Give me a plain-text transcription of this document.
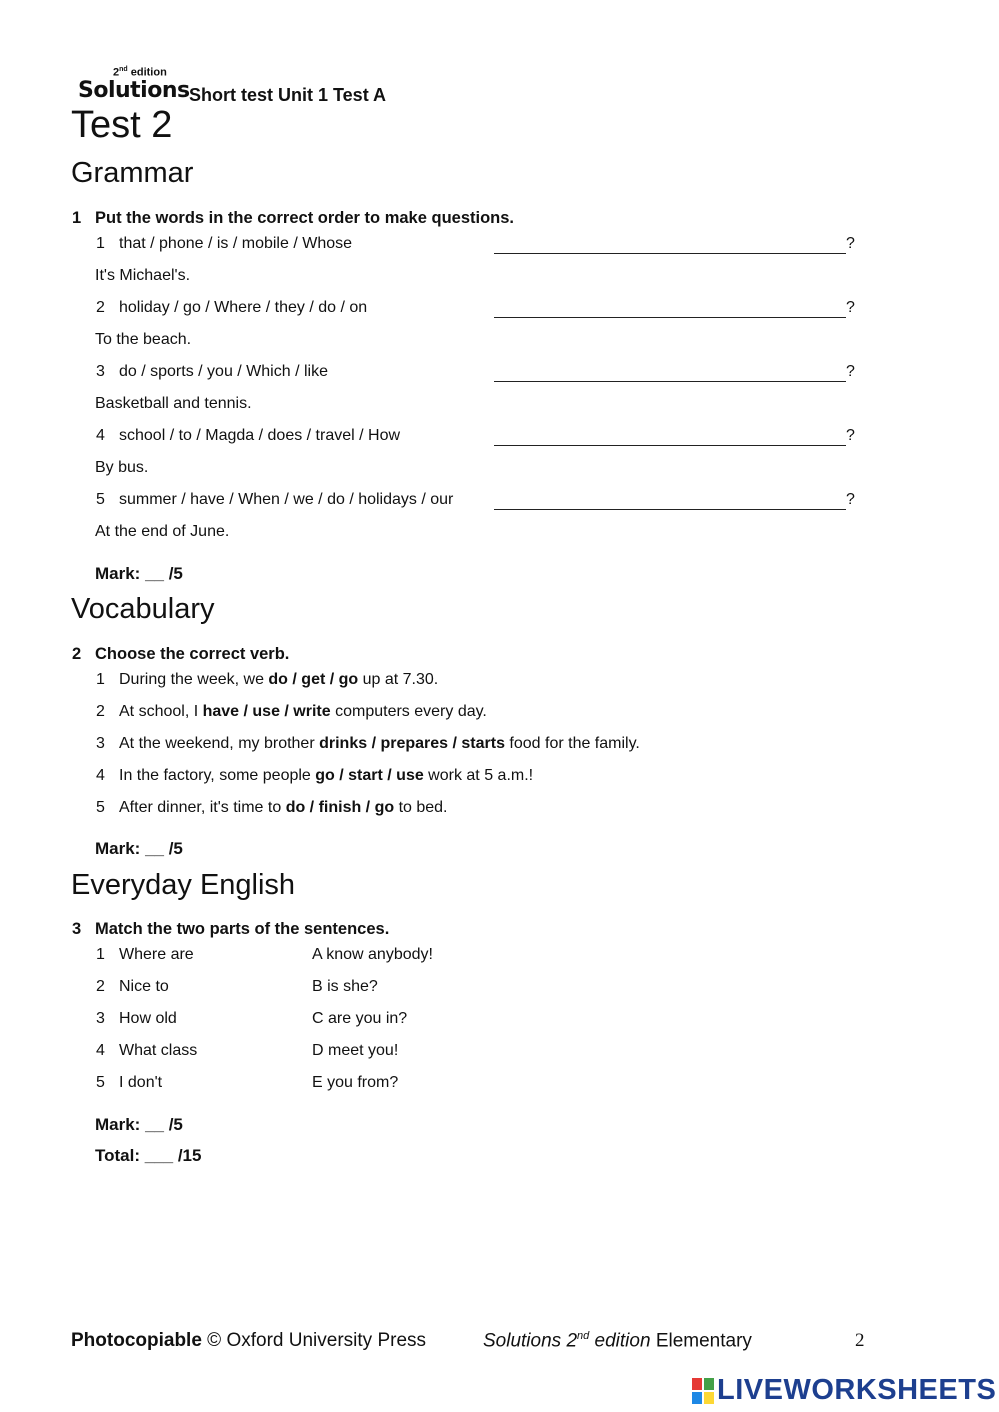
2nd edition
Solutions Short test Unit 1 Test A
Test 2
Grammar
1 Put the words in the correct order to make questions.
1 that / phone / is / mobile / Whose	?
It's Michael's.
2 holiday / go / Where / they / do / on	?
To the beach.
3 do / sports / you / Which / like	?
Basketball and tennis.
4 school / to / Magda / does / travel / How	?
By bus.
5 summer / have / When / we / do / holidays / our	?
At the end of June.
Mark: __ /5
Vocabulary
2 Choose the correct verb.
1 During the week, we do / get / go up at 7.30.
2 At school, I have / use / write computers every day.
3 At the weekend, my brother drinks / prepares / starts food for the family.
4 In the factory, some people go / start / use work at 5 a.m.!
5 After dinner, it's time to do / finish / go to bed.
Mark: __ /5
Everyday English
3 Match the two parts of the sentences.
1 Where are	A know anybody!
2 Nice to	B is she?
3 How old	C are you in?
4 What class	D meet you!
5 I don't	E you from?
Mark: __ /5
Total: ___ /15
Photocopiable © Oxford University Press	Solutions 2nd edition Elementary	2
LIVEWORKSHEETS
